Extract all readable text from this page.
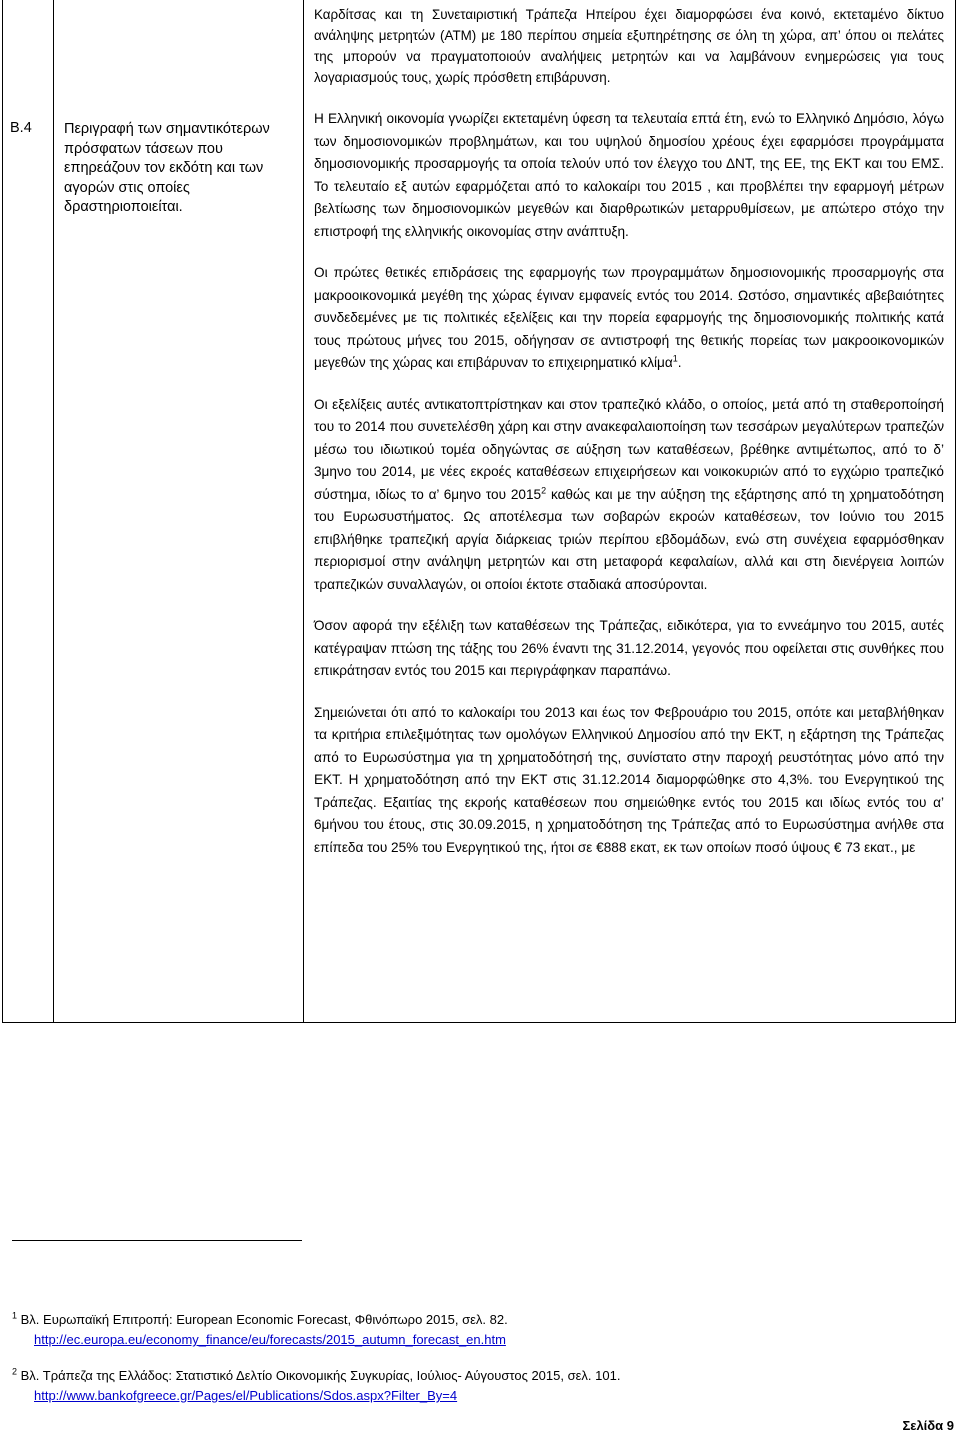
B.4 Περιγραφή των σημαντικότερων πρόσφατων τάσεων που επηρεάζουν τον εκδότη και των αγορών στις οποίες δραστηριοποιείται.

Καρδίτσας και τη Συνεταιριστική Τράπεζα Ηπείρου έχει διαμορφώσει ένα κοινό, εκτεταμένο δίκτυο ανάληψης μετρητών (ΑΤΜ) με 180 περίπου σημεία εξυπηρέτησης σε όλη τη χώρα, απ’ όπου οι πελάτες της μπορούν να πραγματοποιούν αναλήψεις μετρητών και να λαμβάνουν ενημερώσεις για τους λογαριασμούς τους, χωρίς πρόσθετη επιβάρυνση.

Η Ελληνική οικονομία γνωρίζει εκτεταμένη ύφεση τα τελευταία επτά έτη, ενώ το Ελληνικό Δημόσιο, λόγω των δημοσιονομικών προβλημάτων, και του υψηλού δημοσίου χρέους έχει εφαρμόσει προγράμματα δημοσιονομικής προσαρμογής τα οποία τελούν υπό τον έλεγχο του ΔΝΤ, της ΕΕ, της ΕΚΤ και του ΕΜΣ. Το τελευταίο εξ αυτών εφαρμόζεται από το καλοκαίρι του 2015 , και προβλέπει την εφαρμογή μέτρων βελτίωσης των δημοσιονομικών μεγεθών και διαρθρωτικών μεταρρυθμίσεων, με απώτερο στόχο την επιστροφή της ελληνικής οικονομίας στην ανάπτυξη.

Οι πρώτες θετικές επιδράσεις της εφαρμογής των προγραμμάτων δημοσιονομικής προσαρμογής στα μακροοικονομικά μεγέθη της χώρας έγιναν εμφανείς εντός του 2014. Ωστόσο, σημαντικές αβεβαιότητες συνδεδεμένες με τις πολιτικές εξελίξεις και την πορεία εφαρμογής της δημοσιονομικής πολιτικής κατά τους πρώτους μήνες του 2015, οδήγησαν σε αντιστροφή της θετικής πορείας των μακροοικονομικών μεγεθών της χώρας και επιβάρυναν το επιχειρηματικό κλίμα$^1$.

Οι εξελίξεις αυτές αντικατοπτρίστηκαν και στον τραπεζικό κλάδο, ο οποίος, μετά από τη σταθεροποίησή του το 2014 που συνετελέσθη χάρη και στην ανακεφαλαιοποίηση των τεσσάρων μεγαλύτερων τραπεζών μέσω του ιδιωτικού τομέα οδηγώντας σε αύξηση των καταθέσεων, βρέθηκε αντιμέτωπος, από το δ’ 3μηνο του 2014, με νέες εκροές καταθέσεων επιχειρήσεων και νοικοκυριών από το εγχώριο τραπεζικό σύστημα, ιδίως το α’ 6μηνο του 2015$^2$ καθώς και με την αύξηση της εξάρτησης από τη χρηματοδότηση του Ευρωσυστήματος. Ως αποτέλεσμα των σοβαρών εκροών καταθέσεων, τον Ιούνιο του 2015 επιβλήθηκε τραπεζική αργία διάρκειας τριών περίπου εβδομάδων, ενώ στη συνέχεια εφαρμόσθηκαν περιορισμοί στην ανάληψη μετρητών και στη μεταφορά κεφαλαίων, αλλά και στη διενέργεια λοιπών τραπεζικών συναλλαγών, οι οποίοι έκτοτε σταδιακά αποσύρονται.

Όσον αφορά την εξέλιξη των καταθέσεων της Τράπεζας, ειδικότερα, για το εννεάμηνο του 2015, αυτές κατέγραψαν πτώση της τάξης του 26% έναντι της 31.12.2014, γεγονός που οφείλεται στις συνθήκες που επικράτησαν εντός του 2015 και περιγράφηκαν παραπάνω.

Σημειώνεται ότι από το καλοκαίρι του 2013 και έως τον Φεβρουάριο του 2015, οπότε και μεταβλήθηκαν τα κριτήρια επιλεξιμότητας των ομολόγων Ελληνικού Δημοσίου από την ΕΚΤ, η εξάρτηση της Τράπεζας από το Ευρωσύστημα για τη χρηματοδότησή της, συνίστατο στην παροχή ρευστότητας μόνο από την ΕΚΤ. Η χρηματοδότηση από την ΕΚΤ στις 31.12.2014 διαμορφώθηκε στο 4,3%. του Ενεργητικού της Τράπεζας. Εξαιτίας της εκροής καταθέσεων που σημειώθηκε εντός του 2015 και ιδίως εντός του α’ 6μήνου του έτους, στις 30.09.2015, η χρηματοδότηση της Τράπεζας από το Ευρωσύστημα ανήλθε στα επίπεδα του 25% του Ενεργητικού της, ήτοι σε €888 εκατ, εκ των οποίων ποσό ύψους € 73 εκατ., με

$^1$ Βλ. Ευρωπαϊκή Επιτροπή: European Economic Forecast, Φθινόπωρο 2015, σελ. 82.
http://ec.europa.eu/economy_finance/eu/forecasts/2015_autumn_forecast_en.htm
$^2$ Βλ. Τράπεζα της Ελλάδος: Στατιστικό Δελτίο Οικονομικής Συγκυρίας, Ιούλιος- Αύγουστος 2015, σελ. 101.
http://www.bankofgreece.gr/Pages/el/Publications/Sdos.aspx?Filter_By=4
Σελίδα 9
